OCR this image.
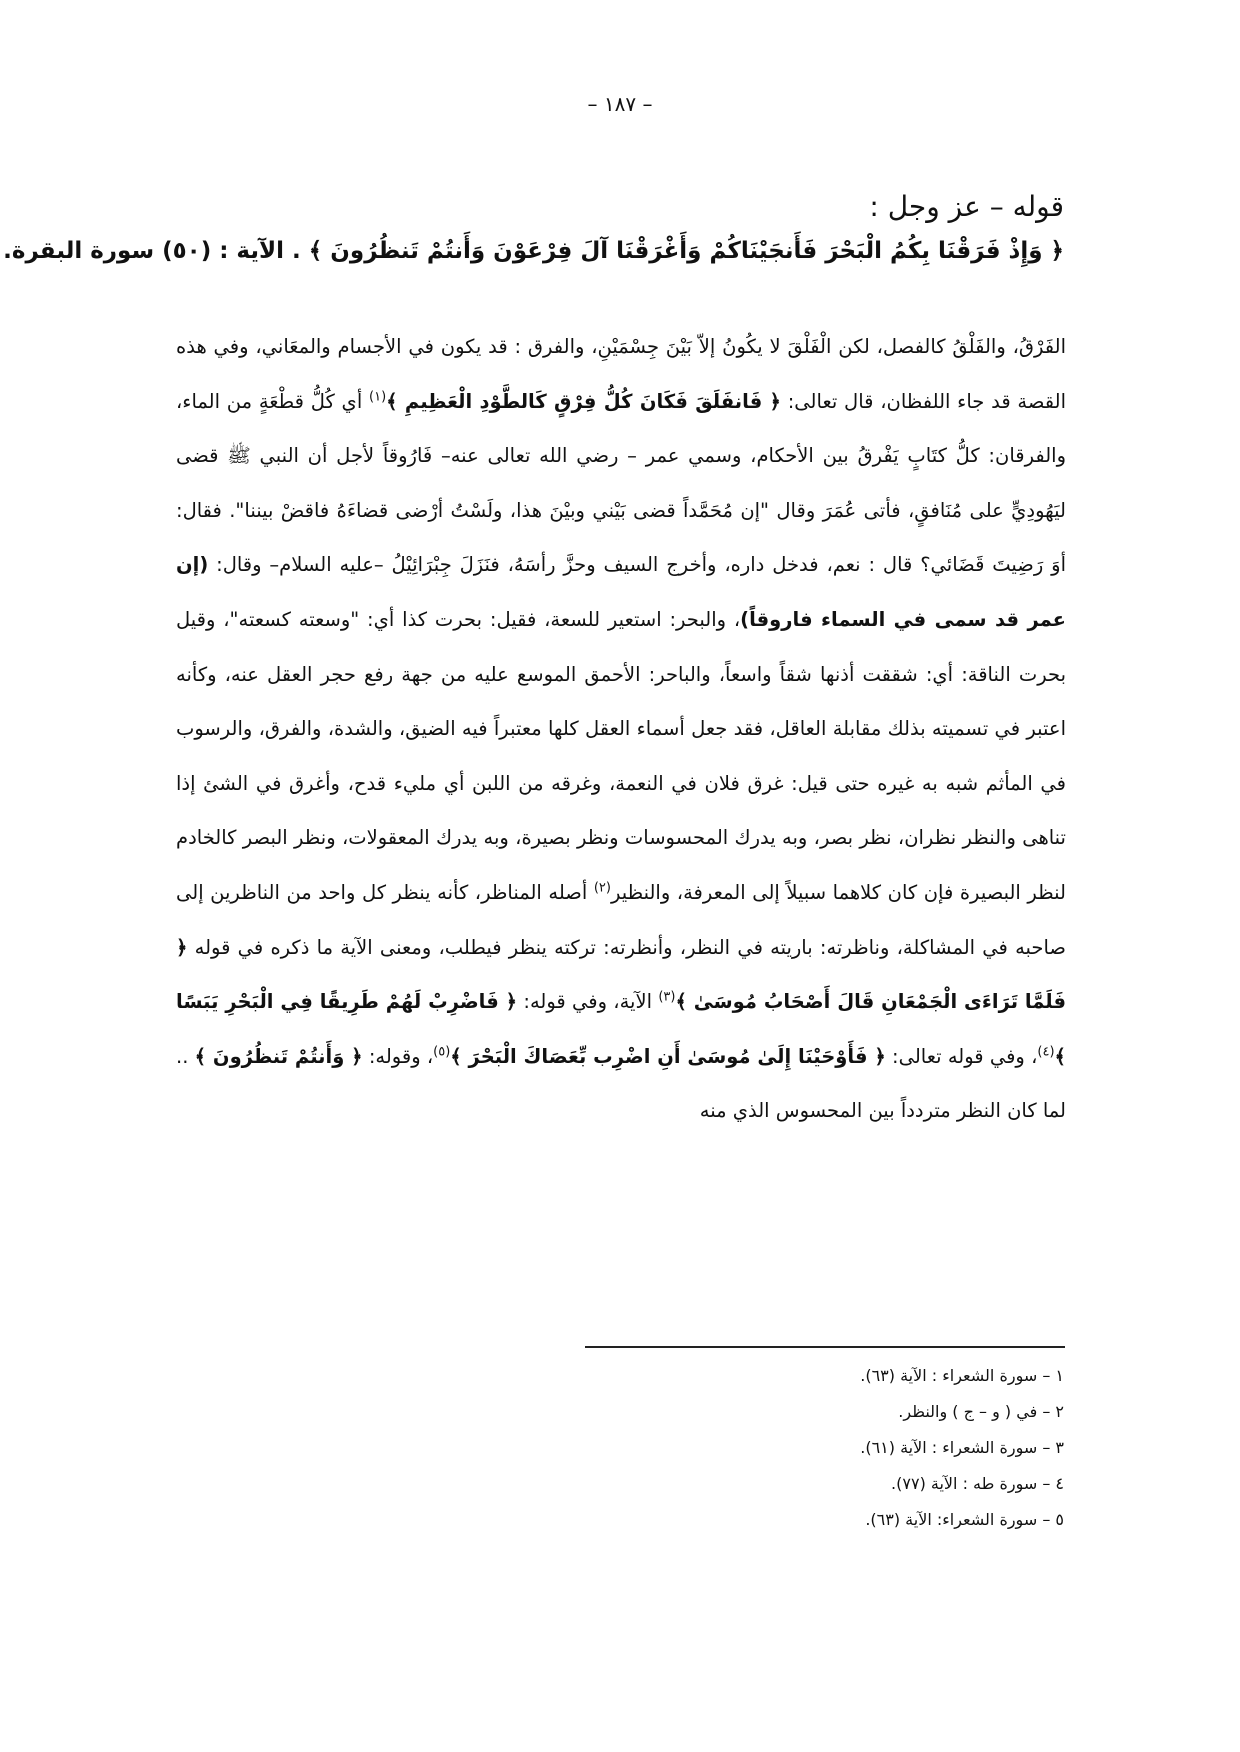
– ١٨٧ –
قوله – عز وجل :
﴿ وَإِذْ فَرَقْنَا بِكُمُ الْبَحْرَ فَأَنجَيْنَاكُمْ وَأَغْرَقْنَا آلَ فِرْعَوْنَ وَأَنتُمْ تَنظُرُونَ ﴾ . الآية : (٥٠) سورة البقرة.
الفَرْقُ، والفَلْقُ كالفصل، لكن الْفَلْقَ لا يكُونُ إلاّ بَيْنَ جِسْمَيْنِ، والفرق : قد يكون في الأجسام والمعَاني، وفي هذه القصة قد جاء اللفظان، قال تعالى: ﴿ فَانفَلَقَ فَكَانَ كُلُّ فِرْقٍ كَالطَّوْدِ الْعَظِيمِ ﴾$^{(١)}$ أي كُلُّ قطْعَةٍ من الماء، والفرقان: كلُّ كتَابٍ يَفْرقُ بين الأحكام، وسمي عمر – رضي الله تعالى عنه– فَارُوقاً لأجل أن النبي ﷺ قضى ليَهُودِيٍّ على مُنَافقٍ، فأتى عُمَرَ وقال "إن مُحَمَّداً قضى بَيْني وبيْنَ هذا، ولَسْتُ أرْضى قضاءَهُ فاقضْ بيننا". فقال: أوَ رَضِيتَ قَضَائي؟ قال : نعم، فدخل داره، وأخرج السيف وحزَّ رأسَهُ، فنَزَلَ جِبْرَائِيْلُ –عليه السلام– وقال: (إن عمر قد سمى في السماء فاروقاً)، والبحر: استعير للسعة، فقيل: بحرت كذا أي: "وسعته كسعته"، وقيل بحرت الناقة: أي: شققت أذنها شقاً واسعاً، والباحر: الأحمق الموسع عليه من جهة رفع حجر العقل عنه، وكأنه اعتبر في تسميته بذلك مقابلة العاقل، فقد جعل أسماء العقل كلها معتبراً فيه الضيق، والشدة، والفرق، والرسوب في المأثم شبه به غيره حتى قيل: غرق فلان في النعمة، وغرقه من اللبن أي مليء قدح، وأغرق في الشئ إذا تناهى والنظر نظران، نظر بصر، وبه يدرك المحسوسات ونظر بصيرة، وبه يدرك المعقولات، ونظر البصر كالخادم لنظر البصيرة فإن كان كلاهما سبيلاً إلى المعرفة، والنظير$^{(٢)}$ أصله المناظر، كأنه ينظر كل واحد من الناظرين إلى صاحبه في المشاكلة، وناظرته: باريته في النظر، وأنظرته: تركته ينظر فيطلب، ومعنى الآية ما ذكره في قوله ﴿ فَلَمَّا تَرَاءَى الْجَمْعَانِ قَالَ أَصْحَابُ مُوسَىٰ ﴾$^{(٣)}$ الآية، وفي قوله: ﴿ فَاضْرِبْ لَهُمْ طَرِيقًا فِي الْبَحْرِ يَبَسًا ﴾$^{(٤)}$، وفي قوله تعالى: ﴿ فَأَوْحَيْنَا إِلَىٰ مُوسَىٰ أَنِ اضْرِب بِّعَصَاكَ الْبَحْرَ ﴾$^{(٥)}$، وقوله: ﴿ وَأَنتُمْ تَنظُرُونَ ﴾ .. لما كان النظر متردداً بين المحسوس الذي منه
١ – سورة الشعراء : الآية (٦٣).
٢ – في ( و – ج ) والنظر.
٣ – سورة الشعراء : الآية (٦١).
٤ – سورة طه : الآية (٧٧).
٥ – سورة الشعراء: الآية (٦٣).
